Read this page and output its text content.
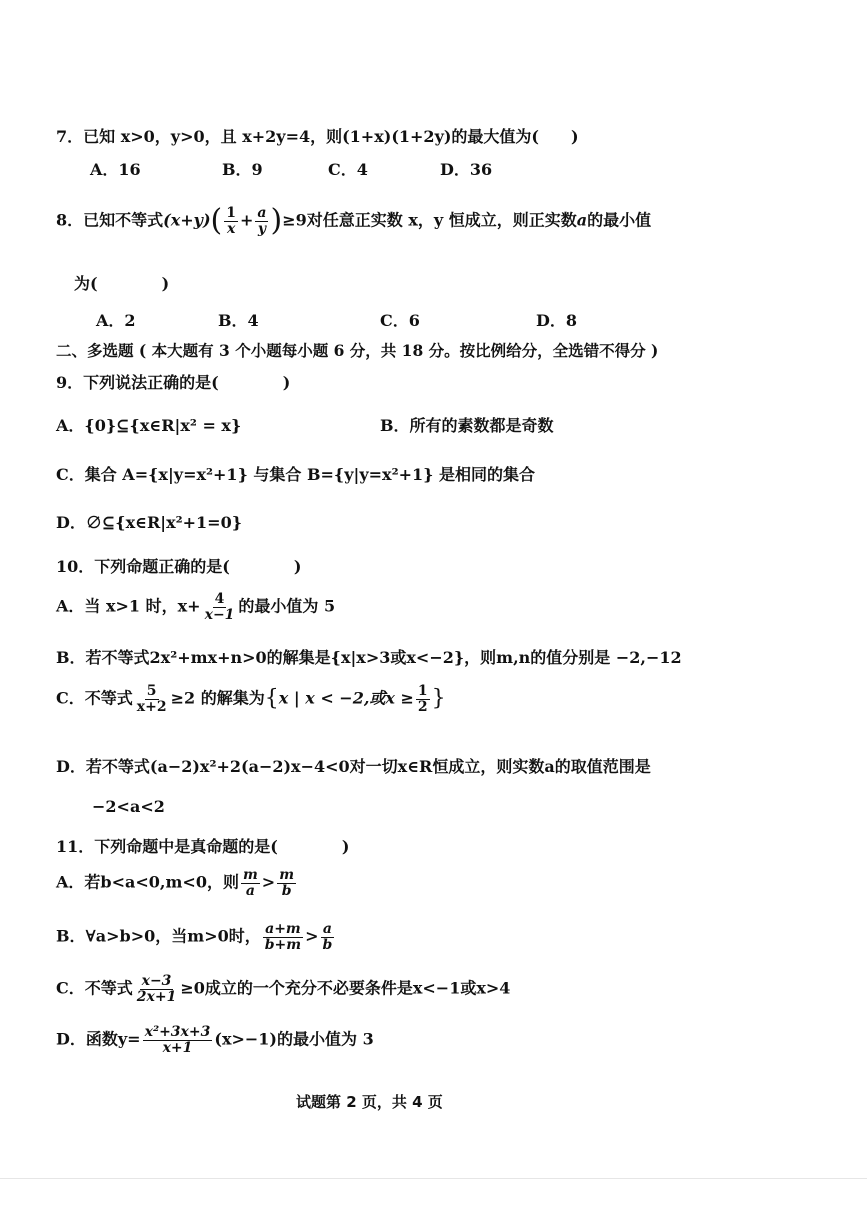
7．已知 x>0，y>0，且 x+2y=4，则(1+x)(1+2y)的最大值为(　　)
A．16	B．9	C．4	D．36
8．已知不等式$(x+y)( \frac{1}{x} + \frac{a}{y} )\ge 9$对任意正实数 x，y 恒成立，则正实数a的最小值
为(　　　　)
A．2	B．4	C．6	D．8
二、多选题 ( 本大题有 3 个小题每小题 6 分，共 18 分。按比例给分，全选错不得分 )
9．下列说法正确的是(　　　　)
A．{0}⊆{x∈R|x² = x}	B．所有的素数都是奇数
C．集合 A={x|y=x²+1} 与集合 B={y|y=x²+1} 是相同的集合
D．∅⊆{x∈R|x²+1=0}
10．下列命题正确的是(　　　　)
A．当 x>1 时，$x+ \frac{4}{x-1}$ 的最小值为 5
B．若不等式2x²+mx+n>0的解集是{x|x>3或x<−2}，则m,n的值分别是 −2,−12
C．不等式 $\frac{5}{x+2} \ge 2$ 的解集为{x | x < −2,或$x \ge \frac{1}{2}$ }
D．若不等式(a−2)x²+2(a−2)x−4<0对一切x∈R恒成立，则实数a的取值范围是
−2<a<2
11．下列命题中是真命题的是(　　　　)
A．若b<a<0,m<0，则 $\frac{m}{a} > \frac{m}{b}$
B．∀a>b>0，当m>0时， $\frac{a+m}{b+m} > \frac{a}{b}$
C．不等式 $\frac{x-3}{2x+1} \ge 0$成立的一个充分不必要条件是x<−1或x>4
D．函数$y= \frac{\text{x²+3x+3}}{x+1} (x>-1)$的最小值为 3
试题第 2 页，共 4 页
